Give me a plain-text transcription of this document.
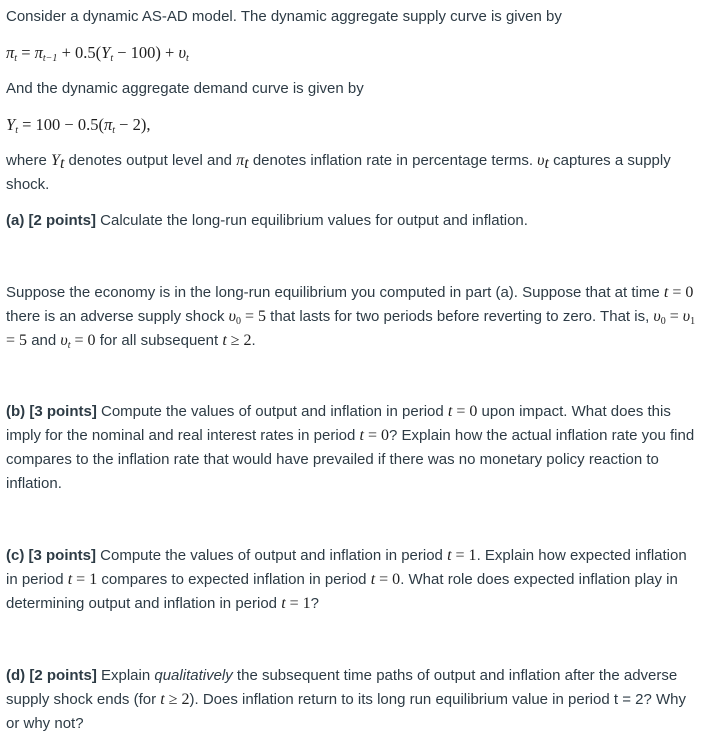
Consider a dynamic AS-AD model. The dynamic aggregate supply curve is given by

$\pi_t = \pi_{t-1} + 0.5(Y_t - 100) + \upsilon_t$

And the dynamic aggregate demand curve is given by

$Y_t = 100 - 0.5(\pi_t - 2)$,

where $Y_t$ denotes output level and $\pi_t$ denotes inflation rate in percentage terms. $\upsilon_t$ captures a supply shock.

(a) [2 points] Calculate the long-run equilibrium values for output and inflation.

Suppose the economy is in the long-run equilibrium you computed in part (a). Suppose that at time t = 0 there is an adverse supply shock $\upsilon_0 = 5$ that lasts for two periods before reverting to zero. That is, $\upsilon_0 = \upsilon_1 = 5$ and $\upsilon_t = 0$ for all subsequent t ≥ 2.

(b) [3 points] Compute the values of output and inflation in period t = 0 upon impact. What does this imply for the nominal and real interest rates in period t = 0? Explain how the actual inflation rate you find compares to the inflation rate that would have prevailed if there was no monetary policy reaction to inflation.

(c) [3 points] Compute the values of output and inflation in period t = 1. Explain how expected inflation in period t = 1 compares to expected inflation in period t = 0. What role does expected inflation play in determining output and inflation in period t = 1?

(d) [2 points] Explain qualitatively the subsequent time paths of output and inflation after the adverse supply shock ends (for t ≥ 2). Does inflation return to its long run equilibrium value in period t = 2? Why or why not?
